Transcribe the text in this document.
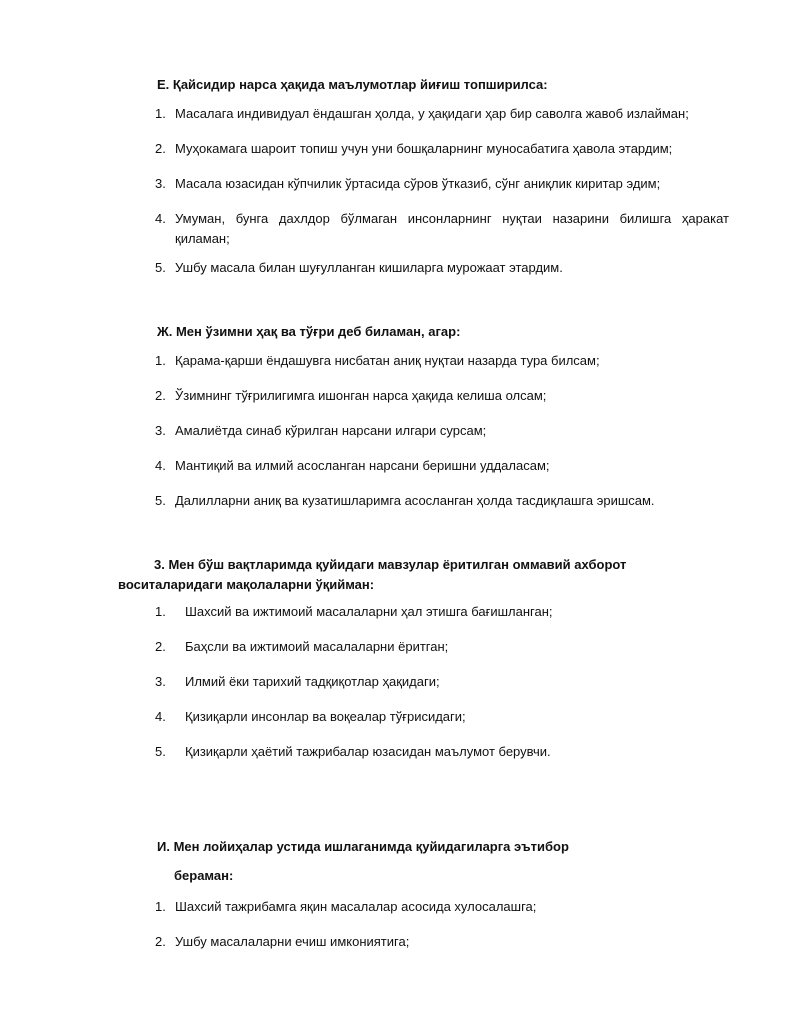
Е. Қайсидир нарса ҳақида маълумотлар йиғиш топширилса:
1. Масалага индивидуал ёндашган ҳолда, у ҳақидаги ҳар бир саволга жавоб излайман;
2. Муҳокамага шароит топиш учун уни бошқаларнинг муносабатига ҳавола этардим;
3. Масала юзасидан кўпчилик ўртасида сўров ўтказиб, сўнг аниқлик киритар эдим;
4. Умуман, бунга дахлдор бўлмаган инсонларнинг нуқтаи назарини билишга ҳаракат қиламан;
5. Ушбу масала билан шуғулланган кишиларга мурожаат этардим.
Ж. Мен ўзимни ҳақ ва тўғри деб биламан, агар:
1. Қарама-қарши ёндашувга нисбатан аниқ нуқтаи назарда тура билсам;
2. Ўзимнинг тўғрилигимга ишонган нарса ҳақида келиша олсам;
3. Амалиётда синаб кўрилган нарсани илгари сурсам;
4. Мантиқий ва илмий асосланган нарсани беришни уддаласам;
5. Далилларни аниқ ва кузатишларимга асосланган ҳолда тасдиқлашга эришсам.
3. Мен бўш вақтларимда қуйидаги мавзулар ёритилган оммавий ахборот воситаларидаги мақолаларни ўқийман:
1. Шахсий ва ижтимоий масалаларни ҳал этишга бағишланган;
2. Баҳсли ва ижтимоий масалаларни ёритган;
3. Илмий ёки тарихий тадқиқотлар ҳақидаги;
4. Қизиқарли инсонлар ва воқеалар тўғрисидаги;
5. Қизиқарли ҳаётий тажрибалар юзасидан маълумот берувчи.
И. Мен лойиҳалар устида ишлаганимда қуйидагиларга эътибор
бераман:
1. Шахсий тажрибамга яқин масалалар асосида хулосалашга;
2. Ушбу масалаларни ечиш имкониятига;
